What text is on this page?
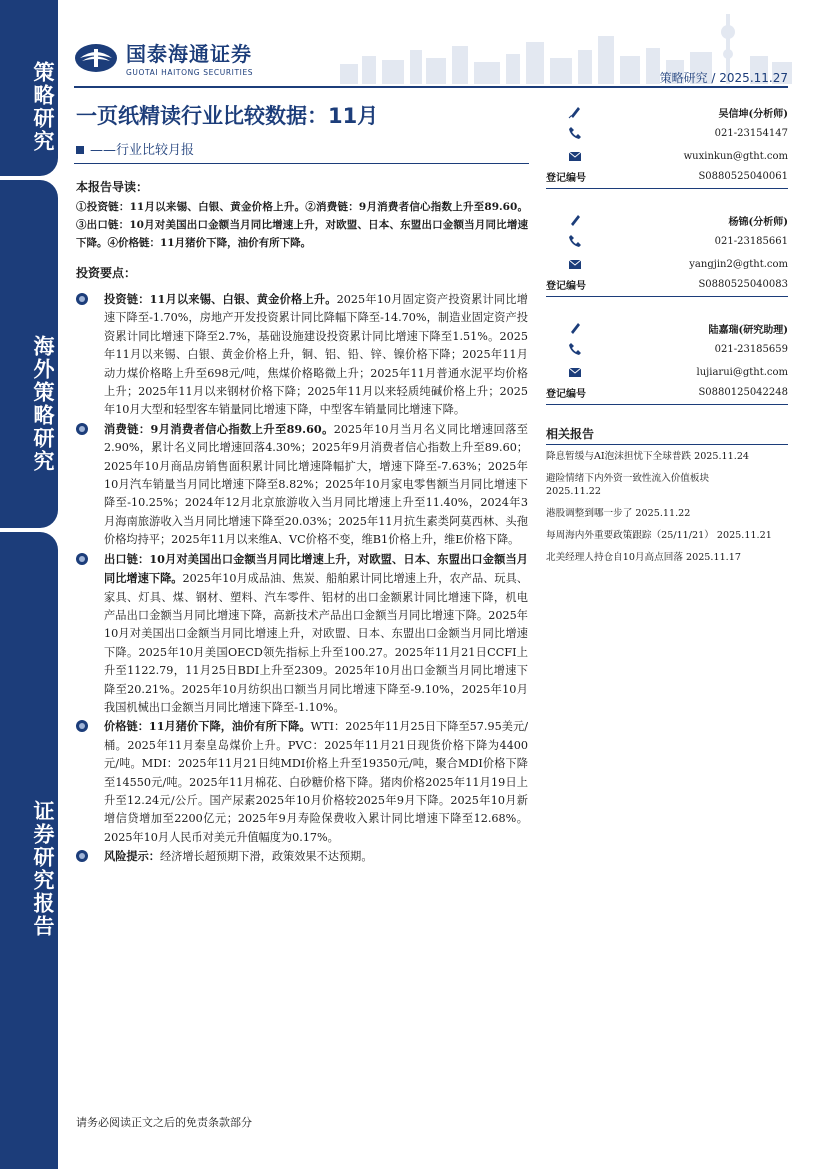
策略研究
海外策略研究
证券研究报告
国泰海通证券
GUOTAI HAITONG SECURITIES	策略研究 / 2025.11.27
一页纸精读行业比较数据：11月
——行业比较月报
本报告导读：
①投资链：11月以来锡、白银、黄金价格上升。②消费链：9月消费者信心指数上升至89.60。③出口链：10月对美国出口金额当月同比增速上升，对欧盟、日本、东盟出口金额当月同比增速下降。④价格链：11月猪价下降，油价有所下降。
投资要点：
投资链：11月以来锡、白银、黄金价格上升。2025年10月固定资产投资累计同比增速下降至-1.70%，房地产开发投资累计同比降幅下降至-14.70%，制造业固定资产投资累计同比增速下降至2.7%，基础设施建设投资累计同比增速下降至1.51%。2025年11月以来锡、白银、黄金价格上升，铜、铝、铅、锌、镍价格下降；2025年11月动力煤价格略上升至698元/吨，焦煤价格略微上升；2025年11月普通水泥平均价格上升；2025年11月以来钢材价格下降；2025年11月以来轻质纯碱价格上升；2025年10月大型和轻型客车销量同比增速下降，中型客车销量同比增速下降。
消费链：9月消费者信心指数上升至89.60。2025年10月当月名义同比增速回落至2.90%，累计名义同比增速回落4.30%；2025年9月消费者信心指数上升至89.60；2025年10月商品房销售面积累计同比增速降幅扩大，增速下降至-7.63%；2025年10月汽车销量当月同比增速下降至8.82%；2025年10月家电零售额当月同比增速下降至-10.25%；2024年12月北京旅游收入当月同比增速上升至11.40%，2024年3月海南旅游收入当月同比增速下降至20.03%；2025年11月抗生素类阿莫西林、头孢价格均持平；2025年11月以来维A、VC价格不变，维B1价格上升，维E价格下降。
出口链：10月对美国出口金额当月同比增速上升，对欧盟、日本、东盟出口金额当月同比增速下降。2025年10月成品油、焦炭、船舶累计同比增速上升，农产品、玩具、家具、灯具、煤、钢材、塑料、汽车零件、铝材的出口金额累计同比增速下降，机电产品出口金额当月同比增速下降，高新技术产品出口金额当月同比增速下降。2025年10月对美国出口金额当月同比增速上升，对欧盟、日本、东盟出口金额当月同比增速下降。2025年10月美国OECD领先指标上升至100.27。2025年11月21日CCFI上升至1122.79，11月25日BDI上升至2309。2025年10月出口金额当月同比增速下降至20.21%。2025年10月纺织出口额当月同比增速下降至-9.10%，2025年10月我国机械出口金额当月同比增速下降至-1.10%。
价格链：11月猪价下降，油价有所下降。WTI：2025年11月25日下降至57.95美元/桶。2025年11月秦皇岛煤价上升。PVC：2025年11月21日现货价格下降为4400元/吨。MDI：2025年11月21日纯MDI价格上升至19350元/吨，聚合MDI价格下降至14550元/吨。2025年11月棉花、白砂糖价格下降。猪肉价格2025年11月19日上升至12.24元/公斤。国产尿素2025年10月价格较2025年9月下降。2025年10月新增信贷增加至2200亿元；2025年9月寿险保费收入累计同比增速下降至12.68%。2025年10月人民币对美元升值幅度为0.17%。
风险提示：经济增长超预期下滑，政策效果不达预期。
吴信坤(分析师)
021-23154147
wuxinkun@gtht.com
登记编号	S0880525040061
杨锦(分析师)
021-23185661
yangjin2@gtht.com
登记编号	S0880525040083
陆嘉瑞(研究助理)
021-23185659
lujiarui@gtht.com
登记编号	S0880125042248
相关报告
降息暂缓与AI泡沫担忧下全球普跌 2025.11.24
避险情绪下内外资一致性流入价值板块
2025.11.22
港股调整到哪一步了 2025.11.22
每周海内外重要政策跟踪（25/11/21） 2025.11.21
北美经理人持仓自10月高点回落 2025.11.17
请务必阅读正文之后的免责条款部分
